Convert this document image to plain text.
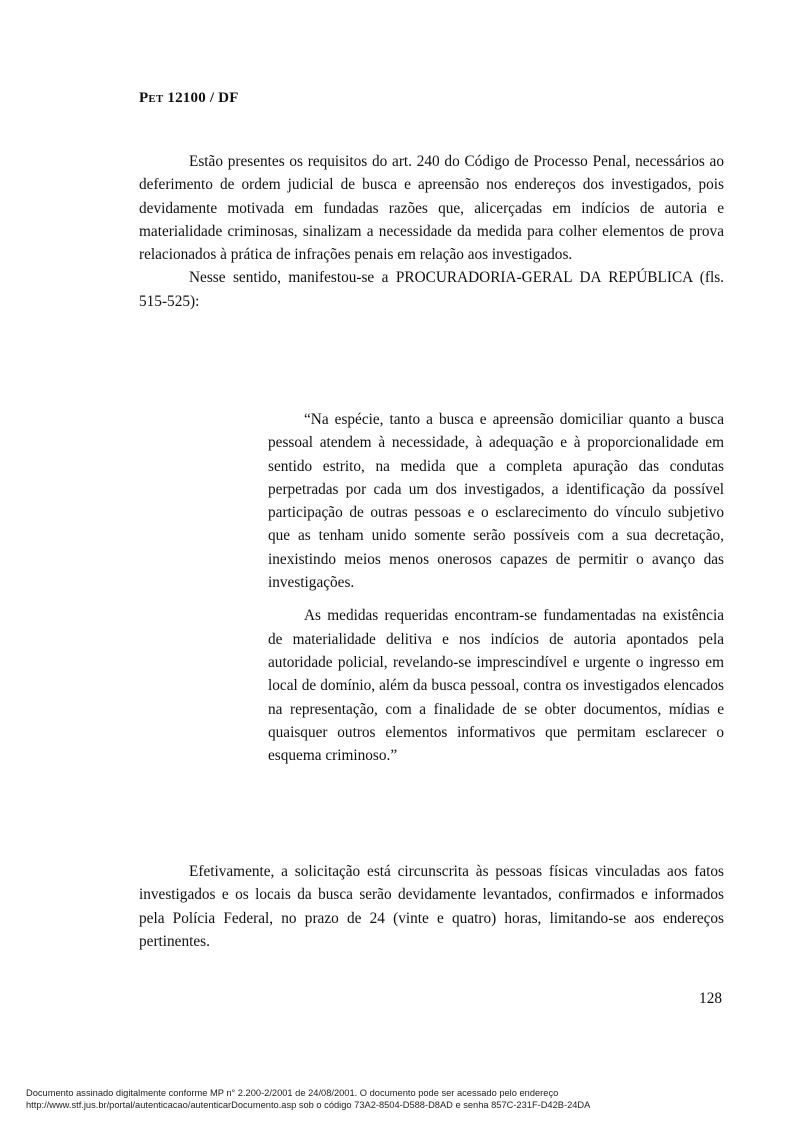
Pet 12100 / DF

Estão presentes os requisitos do art. 240 do Código de Processo Penal, necessários ao deferimento de ordem judicial de busca e apreensão nos endereços dos investigados, pois devidamente motivada em fundadas razões que, alicerçadas em indícios de autoria e materialidade criminosas, sinalizam a necessidade da medida para colher elementos de prova relacionados à prática de infrações penais em relação aos investigados.

Nesse sentido, manifestou-se a PROCURADORIA-GERAL DA REPÚBLICA (fls. 515-525):

“Na espécie, tanto a busca e apreensão domiciliar quanto a busca pessoal atendem à necessidade, à adequação e à proporcionalidade em sentido estrito, na medida que a completa apuração das condutas perpetradas por cada um dos investigados, a identificação da possível participação de outras pessoas e o esclarecimento do vínculo subjetivo que as tenham unido somente serão possíveis com a sua decretação, inexistindo meios menos onerosos capazes de permitir o avanço das investigações.

As medidas requeridas encontram-se fundamentadas na existência de materialidade delitiva e nos indícios de autoria apontados pela autoridade policial, revelando-se imprescindível e urgente o ingresso em local de domínio, além da busca pessoal, contra os investigados elencados na representação, com a finalidade de se obter documentos, mídias e quaisquer outros elementos informativos que permitam esclarecer o esquema criminoso.”

Efetivamente, a solicitação está circunscrita às pessoas físicas vinculadas aos fatos investigados e os locais da busca serão devidamente levantados, confirmados e informados pela Polícia Federal, no prazo de 24 (vinte e quatro) horas, limitando-se aos endereços pertinentes.

128
Documento assinado digitalmente conforme MP n° 2.200-2/2001 de 24/08/2001. O documento pode ser acessado pelo endereço
http://www.stf.jus.br/portal/autenticacao/autenticarDocumento.asp sob o código 73A2-8504-D588-D8AD e senha 857C-231F-D42B-24DA
